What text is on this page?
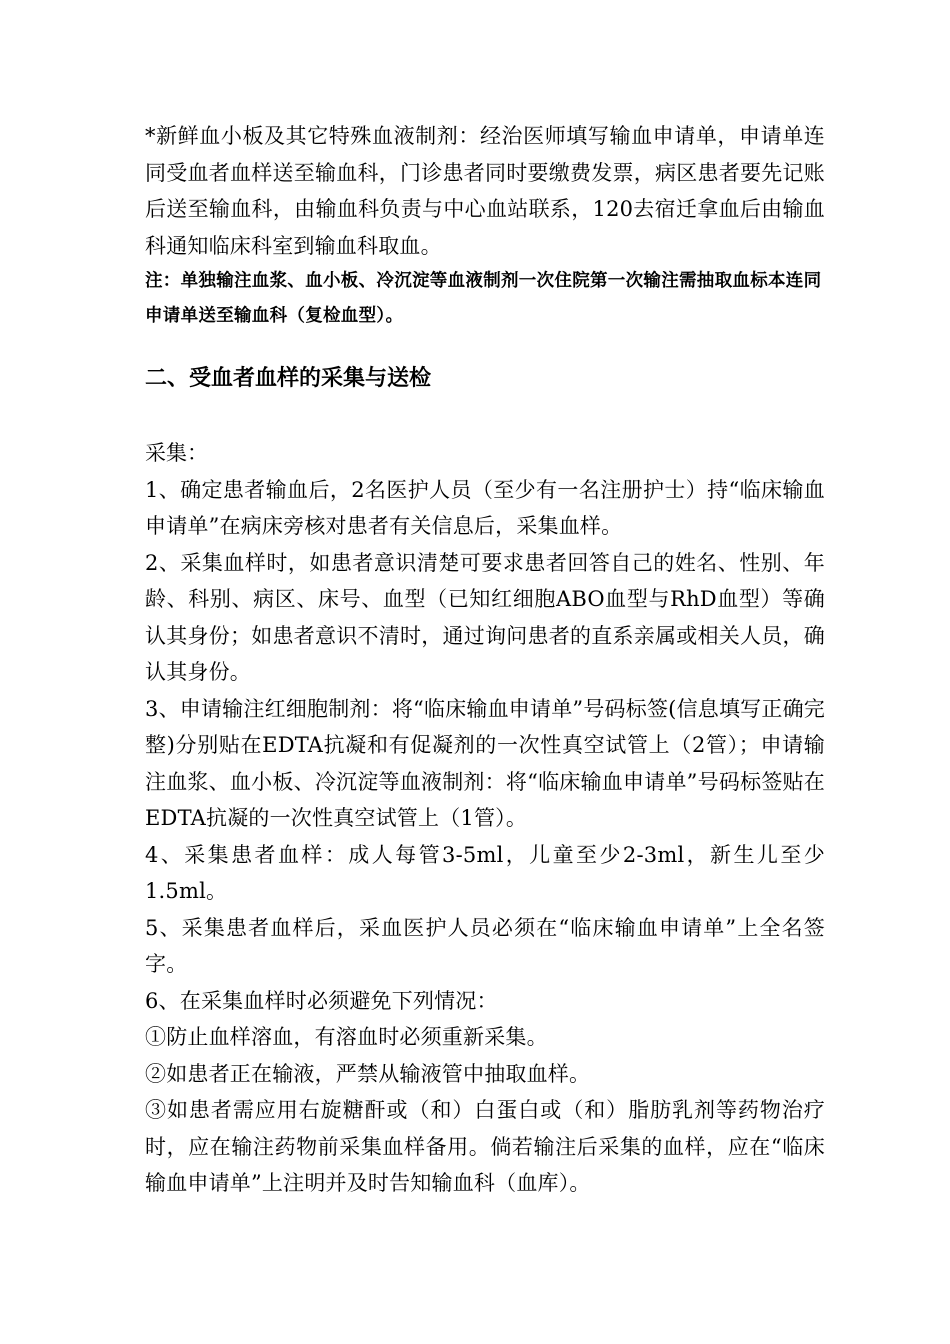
*新鲜血小板及其它特殊血液制剂：经治医师填写输血申请单，申请单连同受血者血样送至输血科，门诊患者同时要缴费发票，病区患者要先记账后送至输血科，由输血科负责与中心血站联系，120去宿迁拿血后由输血科通知临床科室到输血科取血。

注：单独输注血浆、血小板、冷沉淀等血液制剂一次住院第一次输注需抽取血标本连同申请单送至输血科（复检血型）。

二、受血者血样的采集与送检

采集：

1、确定患者输血后，2名医护人员（至少有一名注册护士）持“临床输血申请单”在病床旁核对患者有关信息后，采集血样。

2、采集血样时，如患者意识清楚可要求患者回答自己的姓名、性别、年龄、科别、病区、床号、血型（已知红细胞ABO血型与RhD血型）等确认其身份；如患者意识不清时，通过询问患者的直系亲属或相关人员，确认其身份。

3、申请输注红细胞制剂：将“临床输血申请单”号码标签(信息填写正确完整)分别贴在EDTA抗凝和有促凝剂的一次性真空试管上（2管）；申请输注血浆、血小板、冷沉淀等血液制剂：将“临床输血申请单”号码标签贴在EDTA抗凝的一次性真空试管上（1管）。

4、采集患者血样：成人每管3-5ml，儿童至少2-3ml，新生儿至少1.5ml。

5、采集患者血样后，采血医护人员必须在“临床输血申请单”上全名签字。

6、在采集血样时必须避免下列情况：

①防止血样溶血，有溶血时必须重新采集。

②如患者正在输液，严禁从输液管中抽取血样。

③如患者需应用右旋糖酐或（和）白蛋白或（和）脂肪乳剂等药物治疗时，应在输注药物前采集血样备用。倘若输注后采集的血样，应在“临床输血申请单”上注明并及时告知输血科（血库）。
